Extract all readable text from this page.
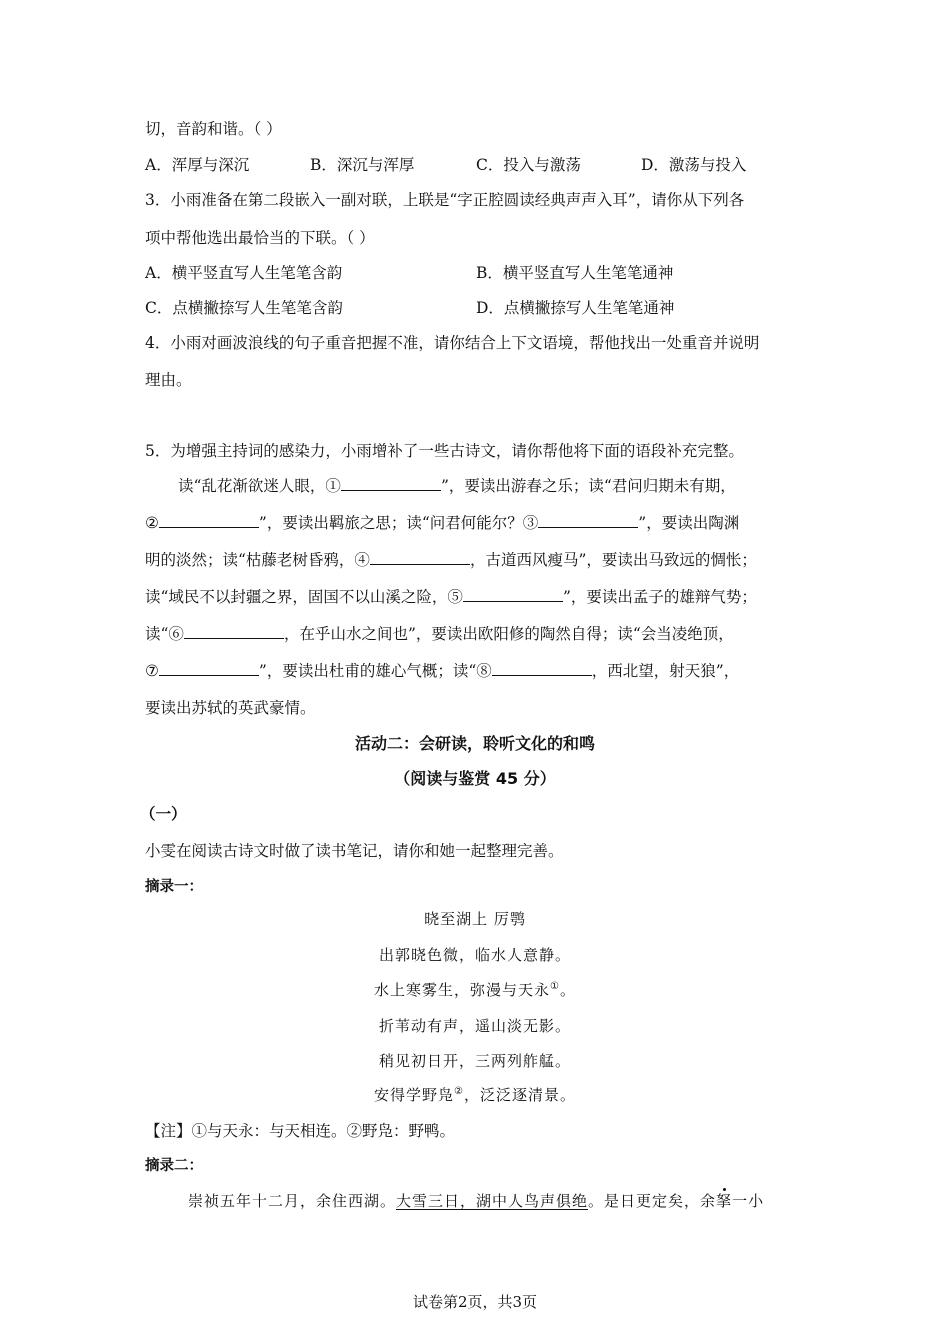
切，音韵和谐。（ ）
A．浑厚与深沉	B．深沉与浑厚	C．投入与激荡	D．激荡与投入
3．小雨准备在第二段嵌入一副对联，上联是“字正腔圆读经典声声入耳”，请你从下列各
项中帮他选出最恰当的下联。（ ）
A．横平竖直写人生笔笔含韵	B．横平竖直写人生笔笔通神
C．点横撇捺写人生笔笔含韵	D．点横撇捺写人生笔笔通神
4．小雨对画波浪线的句子重音把握不准，请你结合上下文语境，帮他找出一处重音并说明
理由。
5．为增强主持词的感染力，小雨增补了一些古诗文，请你帮他将下面的语段补充完整。
读“乱花渐欲迷人眼，①	”，要读出游春之乐；读“君问归期未有期，
②	”，要读出羁旅之思；读“问君何能尔？③	”，要读出陶渊
明的淡然；读“枯藤老树昏鸦，④	，古道西风瘦马”，要读出马致远的惆怅；
读“域民不以封疆之界，固国不以山溪之险，⑤	”，要读出孟子的雄辩气势；
读“⑥	，在乎山水之间也”，要读出欧阳修的陶然自得；读“会当凌绝顶，
⑦	”，要读出杜甫的雄心气概；读“⑧	，西北望，射天狼”，
要读出苏轼的英武豪情。
活动二：会研读，聆听文化的和鸣
（阅读与鉴赏 45 分）
（一）
小雯在阅读古诗文时做了读书笔记，请你和她一起整理完善。
摘录一：
晓至湖上 厉鹗
出郭晓色微，临水人意静。
水上寒雾生，弥漫与天永①。
折苇动有声，遥山淡无影。
稍见初日开，三两列舴艋。
安得学野凫②，泛泛逐清景。
【注】①与天永：与天相连。②野凫：野鸭。
摘录二：
崇祯五年十二月，余住西湖。大雪三日，湖中人鸟声俱绝。是日更定矣，余拏一小
试卷第2页，共3页
